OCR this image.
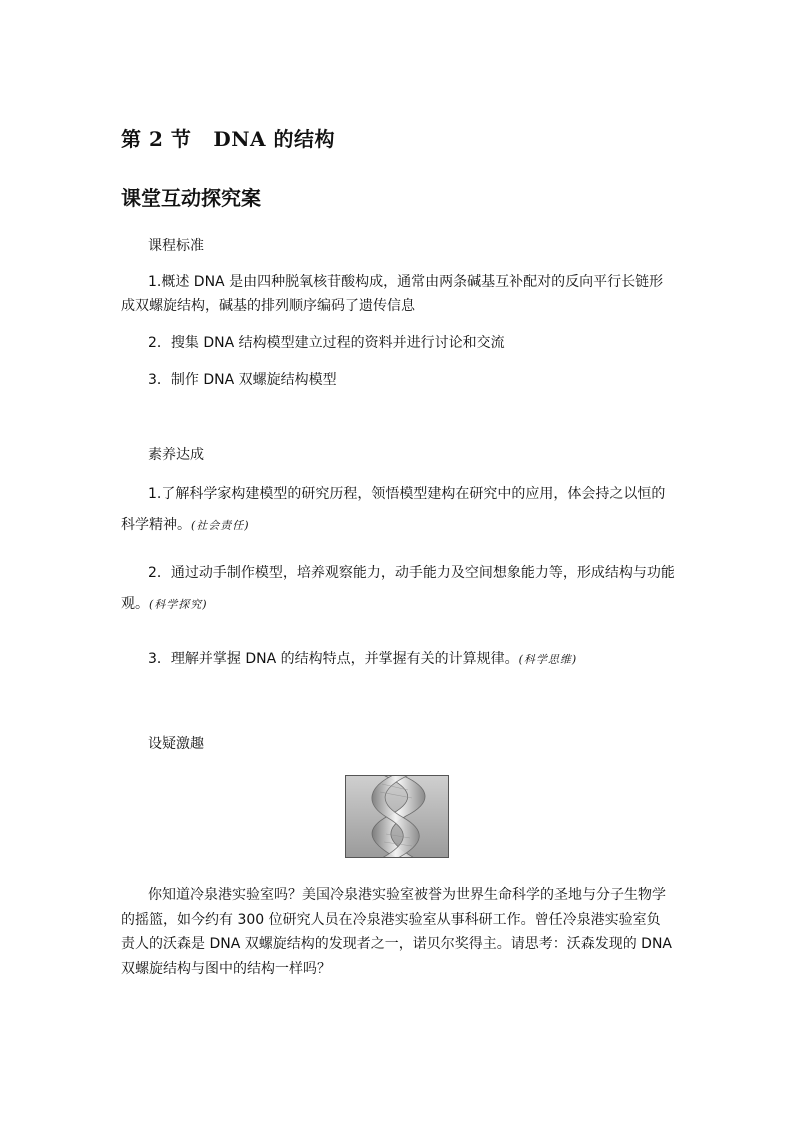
第 2 节 DNA 的结构
课堂互动探究案
课程标准
1.概述 DNA 是由四种脱氧核苷酸构成，通常由两条碱基互补配对的反向平行长链形成双螺旋结构，碱基的排列顺序编码了遗传信息
2．搜集 DNA 结构模型建立过程的资料并进行讨论和交流
3．制作 DNA 双螺旋结构模型
素养达成
1.了解科学家构建模型的研究历程，领悟模型建构在研究中的应用，体会持之以恒的科学精神。(社会责任)
2．通过动手制作模型，培养观察能力，动手能力及空间想象能力等，形成结构与功能观。(科学探究)
3．理解并掌握 DNA 的结构特点，并掌握有关的计算规律。(科学思维)
设疑激趣
你知道冷泉港实验室吗？美国冷泉港实验室被誉为世界生命科学的圣地与分子生物学的摇篮，如今约有 300 位研究人员在冷泉港实验室从事科研工作。曾任冷泉港实验室负责人的沃森是 DNA 双螺旋结构的发现者之一，诺贝尔奖得主。请思考：沃森发现的 DNA 双螺旋结构与图中的结构一样吗？
